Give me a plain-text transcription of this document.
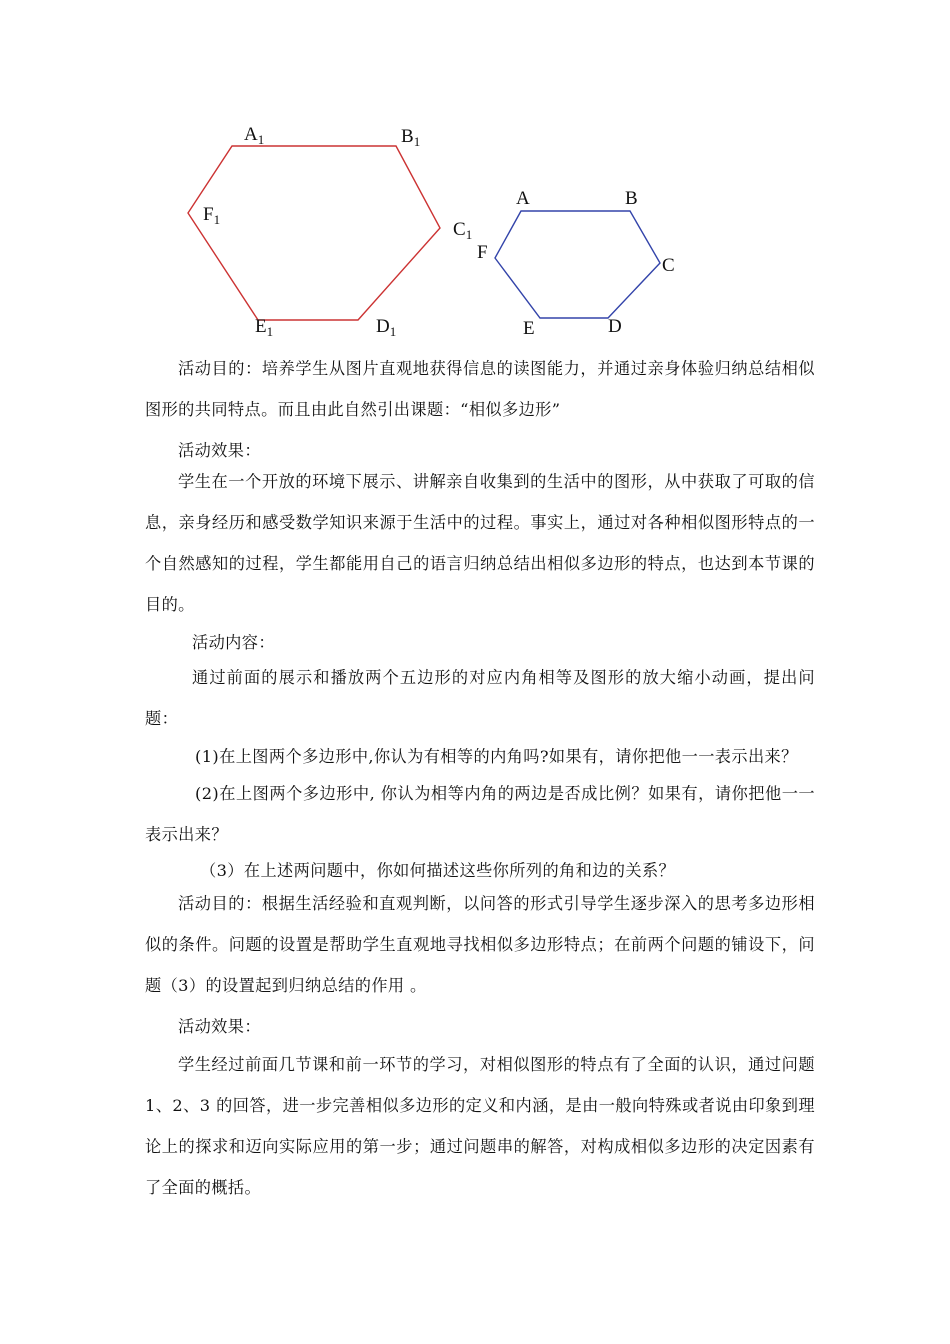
$A_1$	$B_1$
$C_1$
$D_1$
$E_1$
$F_1$
A	B
C
D
E
F

活动目的：培养学生从图片直观地获得信息的读图能力，并通过亲身体验归纳总结相似图形的共同特点。而且由此自然引出课题：“相似多边形”

活动效果：

学生在一个开放的环境下展示、讲解亲自收集到的生活中的图形，从中获取了可取的信息，亲身经历和感受数学知识来源于生活中的过程。事实上，通过对各种相似图形特点的一个自然感知的过程，学生都能用自己的语言归纳总结出相似多边形的特点，也达到本节课的目的。

活动内容：

通过前面的展示和播放两个五边形的对应内角相等及图形的放大缩小动画，提出问题：

(1)在上图两个多边形中,你认为有相等的内角吗?如果有，请你把他一一表示出来？

(2)在上图两个多边形中, 你认为相等内角的两边是否成比例？如果有，请你把他一一表示出来？

（3）在上述两问题中，你如何描述这些你所列的角和边的关系？

活动目的：根据生活经验和直观判断，以问答的形式引导学生逐步深入的思考多边形相似的条件。问题的设置是帮助学生直观地寻找相似多边形特点；在前两个问题的铺设下，问题（3）的设置起到归纳总结的作用 。

活动效果：

学生经过前面几节课和前一环节的学习，对相似图形的特点有了全面的认识，通过问题 1、2、3 的回答，进一步完善相似多边形的定义和内涵，是由一般向特殊或者说由印象到理论上的探求和迈向实际应用的第一步；通过问题串的解答，对构成相似多边形的决定因素有了全面的概括。
